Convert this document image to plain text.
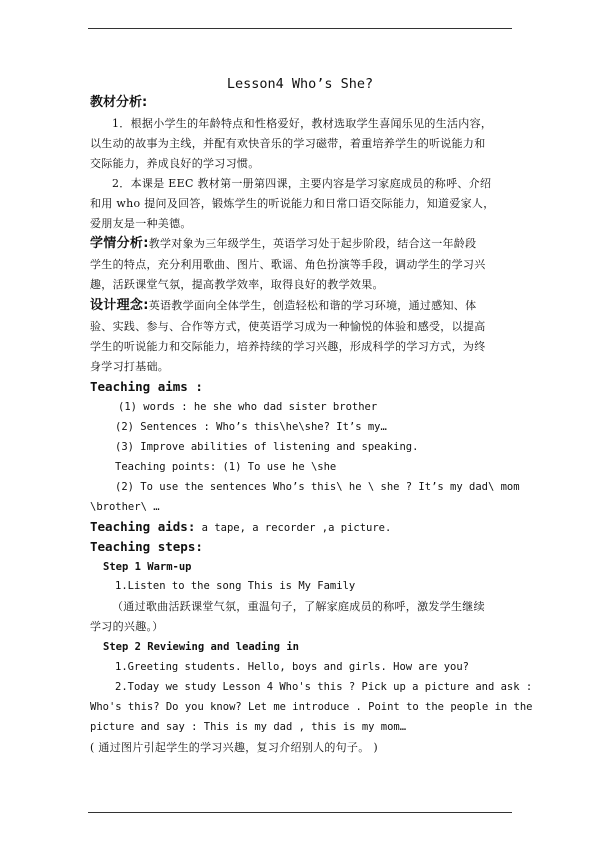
Lesson4 Who’s She?
教材分析:
1．根据小学生的年龄特点和性格爱好，教材选取学生喜闻乐见的生活内容，
以生动的故事为主线，并配有欢快音乐的学习磁带，着重培养学生的听说能力和
交际能力，养成良好的学习习惯。
2．本课是 EEC 教材第一册第四课，主要内容是学习家庭成员的称呼、介绍
和用 who 提问及回答，锻炼学生的听说能力和日常口语交际能力，知道爱家人，
爱朋友是一种美德。
学情分析:教学对象为三年级学生，英语学习处于起步阶段，结合这一年龄段
学生的特点，充分利用歌曲、图片、歌谣、角色扮演等手段，调动学生的学习兴
趣，活跃课堂气氛，提高教学效率，取得良好的教学效果。
设计理念:英语教学面向全体学生，创造轻松和谐的学习环境，通过感知、体
验、实践、参与、合作等方式，使英语学习成为一种愉悦的体验和感受，以提高
学生的听说能力和交际能力，培养持续的学习兴趣，形成科学的学习方式，为终
身学习打基础。
Teaching aims :
(1) words : he she who dad sister brother
(2) Sentences : Who’s this\he\she? It’s my…
(3) Improve abilities of listening and speaking.
Teaching points: (1) To use he \she
(2) To use the sentences Who’s this\ he \ she ? It’s my dad\ mom
\brother\ …
Teaching aids: a tape, a recorder ,a picture.
Teaching steps:
Step 1 Warm-up
1.Listen to the song This is My Family
（通过歌曲活跃课堂气氛，重温句子，了解家庭成员的称呼，激发学生继续
学习的兴趣。）
Step 2 Reviewing and leading in
1.Greeting students. Hello, boys and girls. How are you?
2.Today we study Lesson 4 Who's this ? Pick up a picture and ask :
Who's this? Do you know? Let me introduce . Point to the people in the
picture and say : This is my dad , this is my mom…
( 通过图片引起学生的学习兴趣，复习介绍别人的句子。 )
